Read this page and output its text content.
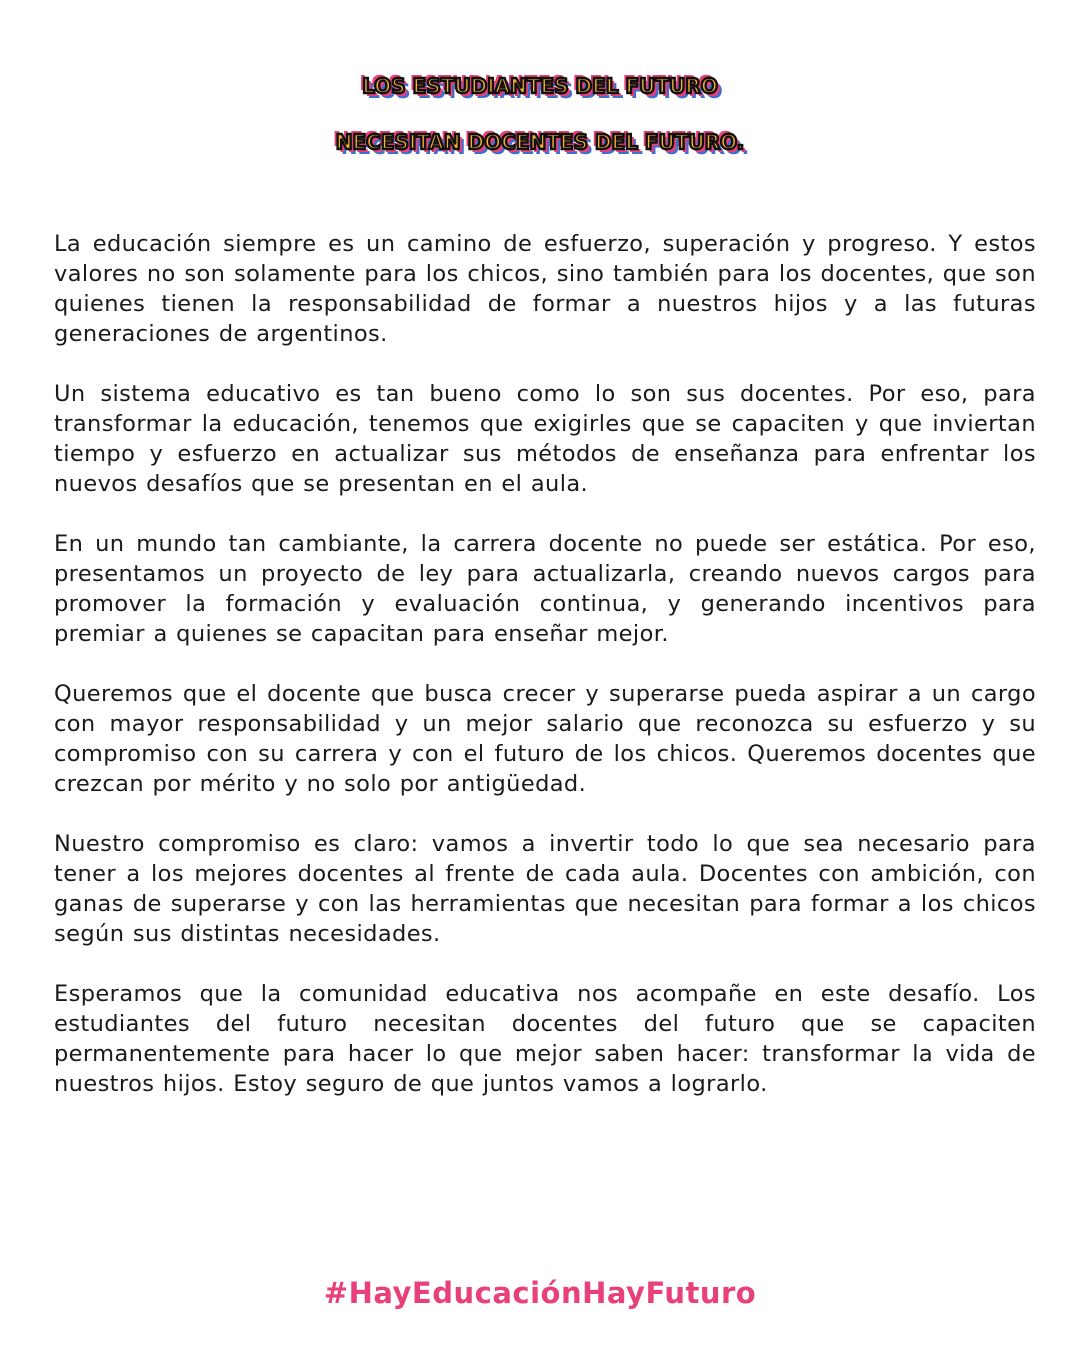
LOS ESTUDIANTES DEL FUTURO
NECESITAN DOCENTES DEL FUTURO.

La educación siempre es un camino de esfuerzo, superación y progreso. Y estos valores no son solamente para los chicos, sino también para los docentes, que son quienes tienen la responsabilidad de formar a nuestros hijos y a las futuras generaciones de argentinos.

Un sistema educativo es tan bueno como lo son sus docentes. Por eso, para transformar la educación, tenemos que exigirles que se capaciten y que inviertan tiempo y esfuerzo en actualizar sus métodos de enseñanza para enfrentar los nuevos desafíos que se presentan en el aula.

En un mundo tan cambiante, la carrera docente no puede ser estática. Por eso, presentamos un proyecto de ley para actualizarla, creando nuevos cargos para promover la formación y evaluación continua, y generando incentivos para premiar a quienes se capacitan para enseñar mejor.

Queremos que el docente que busca crecer y superarse pueda aspirar a un cargo con mayor responsabilidad y un mejor salario que reconozca su esfuerzo y su compromiso con su carrera y con el futuro de los chicos. Queremos docentes que crezcan por mérito y no solo por antigüedad.

Nuestro compromiso es claro: vamos a invertir todo lo que sea necesario para tener a los mejores docentes al frente de cada aula. Docentes con ambición, con ganas de superarse y con las herramientas que necesitan para formar a los chicos según sus distintas necesidades.

Esperamos que la comunidad educativa nos acompañe en este desafío. Los estudiantes del futuro necesitan docentes del futuro que se capaciten permanentemente para hacer lo que mejor saben hacer: transformar la vida de nuestros hijos. Estoy seguro de que juntos vamos a lograrlo.

#HayEducaciónHayFuturo
